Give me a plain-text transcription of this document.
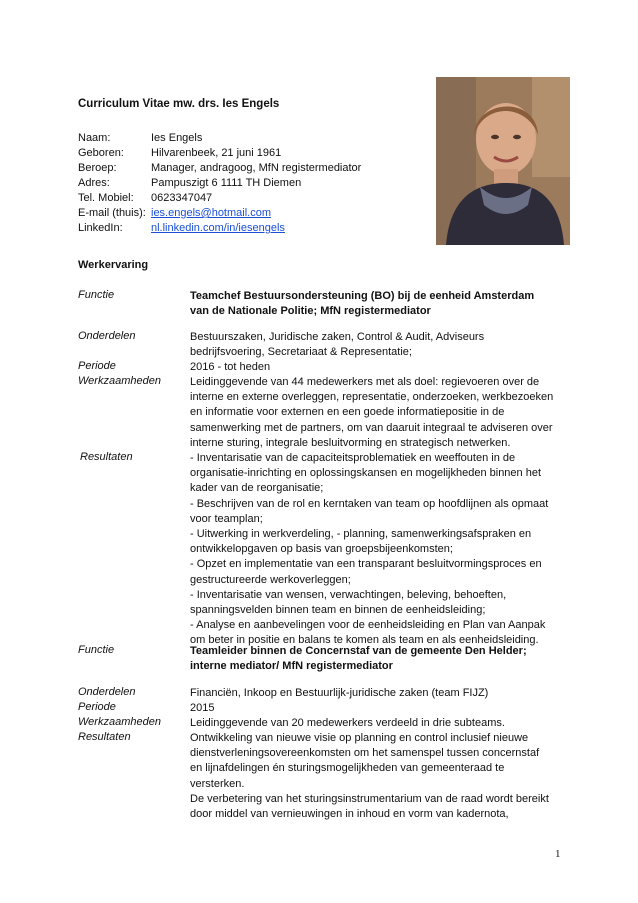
Curriculum Vitae mw. drs. Ies Engels
Naam:	Ies Engels
Geboren:	Hilvarenbeek, 21 juni 1961
Beroep:	Manager, andragoog, MfN registermediator
Adres:	Pampuszigt 6 1111 TH Diemen
Tel. Mobiel:	0623347047
E-mail (thuis): ies.engels@hotmail.com
LinkedIn:	nl.linkedin.com/in/iesengels
Werkervaring
Functie	Teamchef Bestuursondersteuning (BO) bij de eenheid Amsterdam
van de Nationale Politie; MfN registermediator
Onderdelen	Bestuurszaken, Juridische zaken, Control & Audit, Adviseurs
bedrijfsvoering, Secretariaat & Representatie;
Periode	2016 - tot heden
Werkzaamheden	Leidinggevende van 44 medewerkers met als doel: regievoeren over de
interne en externe overleggen, representatie, onderzoeken, werkbezoeken
en informatie voor externen en een goede informatiepositie in de
samenwerking met de partners, om van daaruit integraal te adviseren over
interne sturing, integrale besluitvorming en strategisch netwerken.
Resultaten	- Inventarisatie van de capaciteitsproblematiek en weeffouten in de
organisatie-inrichting en oplossingskansen en mogelijkheden binnen het
kader van de reorganisatie;
- Beschrijven van de rol en kerntaken van team op hoofdlijnen als opmaat
voor teamplan;
- Uitwerking in werkverdeling, - planning, samenwerkingsafspraken en
ontwikkelopgaven op basis van groepsbijeenkomsten;
- Opzet en implementatie van een transparant besluitvormingsproces en
gestructureerde werkoverleggen;
- Inventarisatie van wensen, verwachtingen, beleving, behoeften,
spanningsvelden binnen team en binnen de eenheidsleiding;
- Analyse en aanbevelingen voor de eenheidsleiding en Plan van Aanpak
om beter in positie en balans te komen als team en als eenheidsleiding.
Functie	Teamleider binnen de Concernstaf van de gemeente Den Helder;
interne mediator/ MfN registermediator
Onderdelen	Financiën, Inkoop en Bestuurlijk-juridische zaken (team FIJZ)
Periode	2015
Werkzaamheden	Leidinggevende van 20 medewerkers verdeeld in drie subteams.
Resultaten	Ontwikkeling van nieuwe visie op planning en control inclusief nieuwe
dienstverleningsovereenkomsten om het samenspel tussen concernstaf
en lijnafdelingen én sturingsmogelijkheden van gemeenteraad te
versterken.
De verbetering van het sturingsinstrumentarium van de raad wordt bereikt
door middel van vernieuwingen in inhoud en vorm van kadernota,
1
